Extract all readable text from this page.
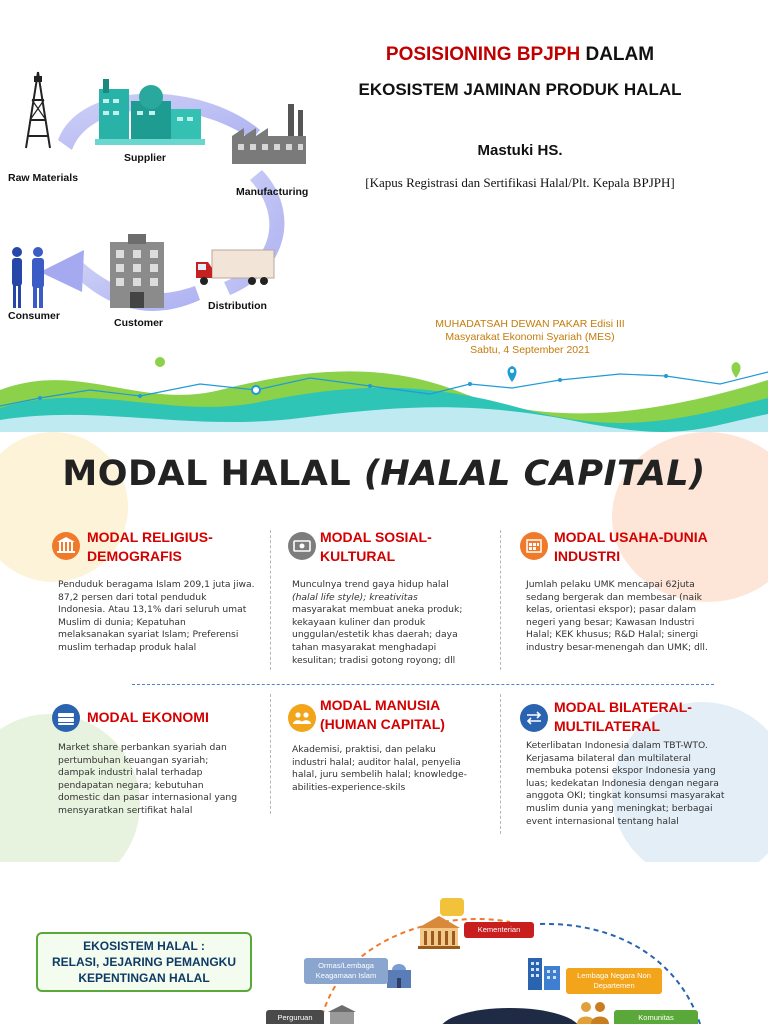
Raw Materials
Supplier
Manufacturing
Distribution
Customer
Consumer
POSISIONING BPJPH DALAM
EKOSISTEM JAMINAN PRODUK HALAL
Mastuki HS.
[Kapus Registrasi dan Sertifikasi Halal/Plt. Kepala BPJPH]
MUHADATSAH DEWAN PAKAR Edisi III
Masyarakat Ekonomi Syariah (MES)
Sabtu, 4 September 2021
MODAL HALAL (HALAL CAPITAL)
MODAL RELIGIUS-
DEMOGRAFIS
Penduduk beragama Islam 209,1 juta jiwa.
87,2 persen dari total penduduk
Indonesia. Atau 13,1% dari seluruh umat
Muslim di dunia; Kepatuhan
melaksanakan syariat Islam; Preferensi
muslim terhadap produk halal
MODAL SOSIAL-
KULTURAL
Munculnya trend gaya hidup halal
(halal life style); kreativitas
masyarakat membuat aneka produk;
kekayaan kuliner dan produk
unggulan/estetik khas daerah; daya
tahan masyarakat menghadapi
kesulitan; tradisi gotong royong; dll
MODAL USAHA-DUNIA
INDUSTRI
Jumlah pelaku UMK mencapai 62juta
sedang bergerak dan membesar (naik
kelas, orientasi ekspor); pasar dalam
negeri yang besar; Kawasan Industri
Halal; KEK khusus; R&D Halal; sinergi
industry besar-menengah dan UMK; dll.
MODAL EKONOMI
Market share perbankan syariah dan
pertumbuhan keuangan syariah;
dampak industri halal terhadap
pendapatan negara; kebutuhan
domestic dan pasar internasional yang
mensyaratkan sertifikat halal
MODAL MANUSIA
(HUMAN CAPITAL)
Akademisi, praktisi, dan pelaku
industri halal; auditor halal, penyelia
halal, juru sembelih halal; knowledge-
abilities-experience-skils
MODAL BILATERAL-
MULTILATERAL
Keterlibatan Indonesia dalam TBT-WTO.
Kerjasama bilateral dan multilateral
membuka potensi ekspor Indonesia yang
luas; kedekatan Indonesia dengan negara
anggota OKI; tingkat konsumsi masyarakat
muslim dunia yang meningkat; berbagai
event internasional tentang halal
EKOSISTEM HALAL :
RELASI, JEJARING PEMANGKU
KEPENTINGAN HALAL
Kementerian
Ormas/Lembaga
Keagamaan Islam	Lembaga Negara Non
Departemen
Perguruan	Komunitas
